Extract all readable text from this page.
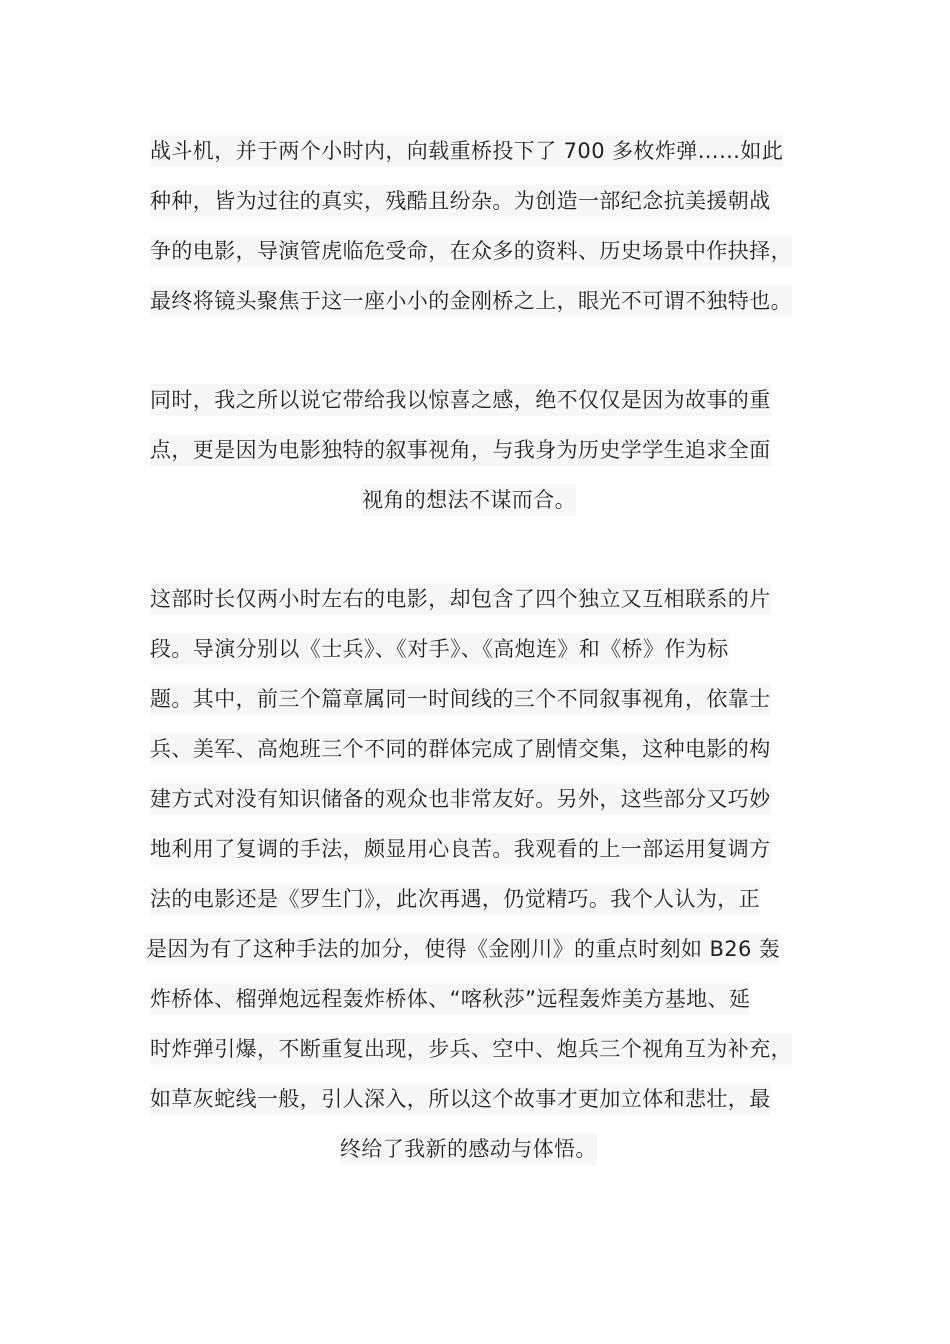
战斗机，并于两个小时内，向载重桥投下了 700 多枚炸弹……如此
种种，皆为过往的真实，残酷且纷杂。为创造一部纪念抗美援朝战
争的电影，导演管虎临危受命，在众多的资料、历史场景中作抉择，
最终将镜头聚焦于这一座小小的金刚桥之上，眼光不可谓不独特也。
同时，我之所以说它带给我以惊喜之感，绝不仅仅是因为故事的重
点，更是因为电影独特的叙事视角，与我身为历史学学生追求全面
视角的想法不谋而合。
这部时长仅两小时左右的电影，却包含了四个独立又互相联系的片
段。导演分别以《士兵》、《对手》、《高炮连》和《桥》作为标
题。其中，前三个篇章属同一时间线的三个不同叙事视角，依靠士
兵、美军、高炮班三个不同的群体完成了剧情交集，这种电影的构
建方式对没有知识储备的观众也非常友好。另外，这些部分又巧妙
地利用了复调的手法，颇显用心良苦。我观看的上一部运用复调方
法的电影还是《罗生门》，此次再遇，仍觉精巧。我个人认为，正
是因为有了这种手法的加分，使得《金刚川》的重点时刻如 B26 轰
炸桥体、榴弹炮远程轰炸桥体、“喀秋莎”远程轰炸美方基地、延
时炸弹引爆，不断重复出现，步兵、空中、炮兵三个视角互为补充，
如草灰蛇线一般，引人深入，所以这个故事才更加立体和悲壮，最
终给了我新的感动与体悟。
